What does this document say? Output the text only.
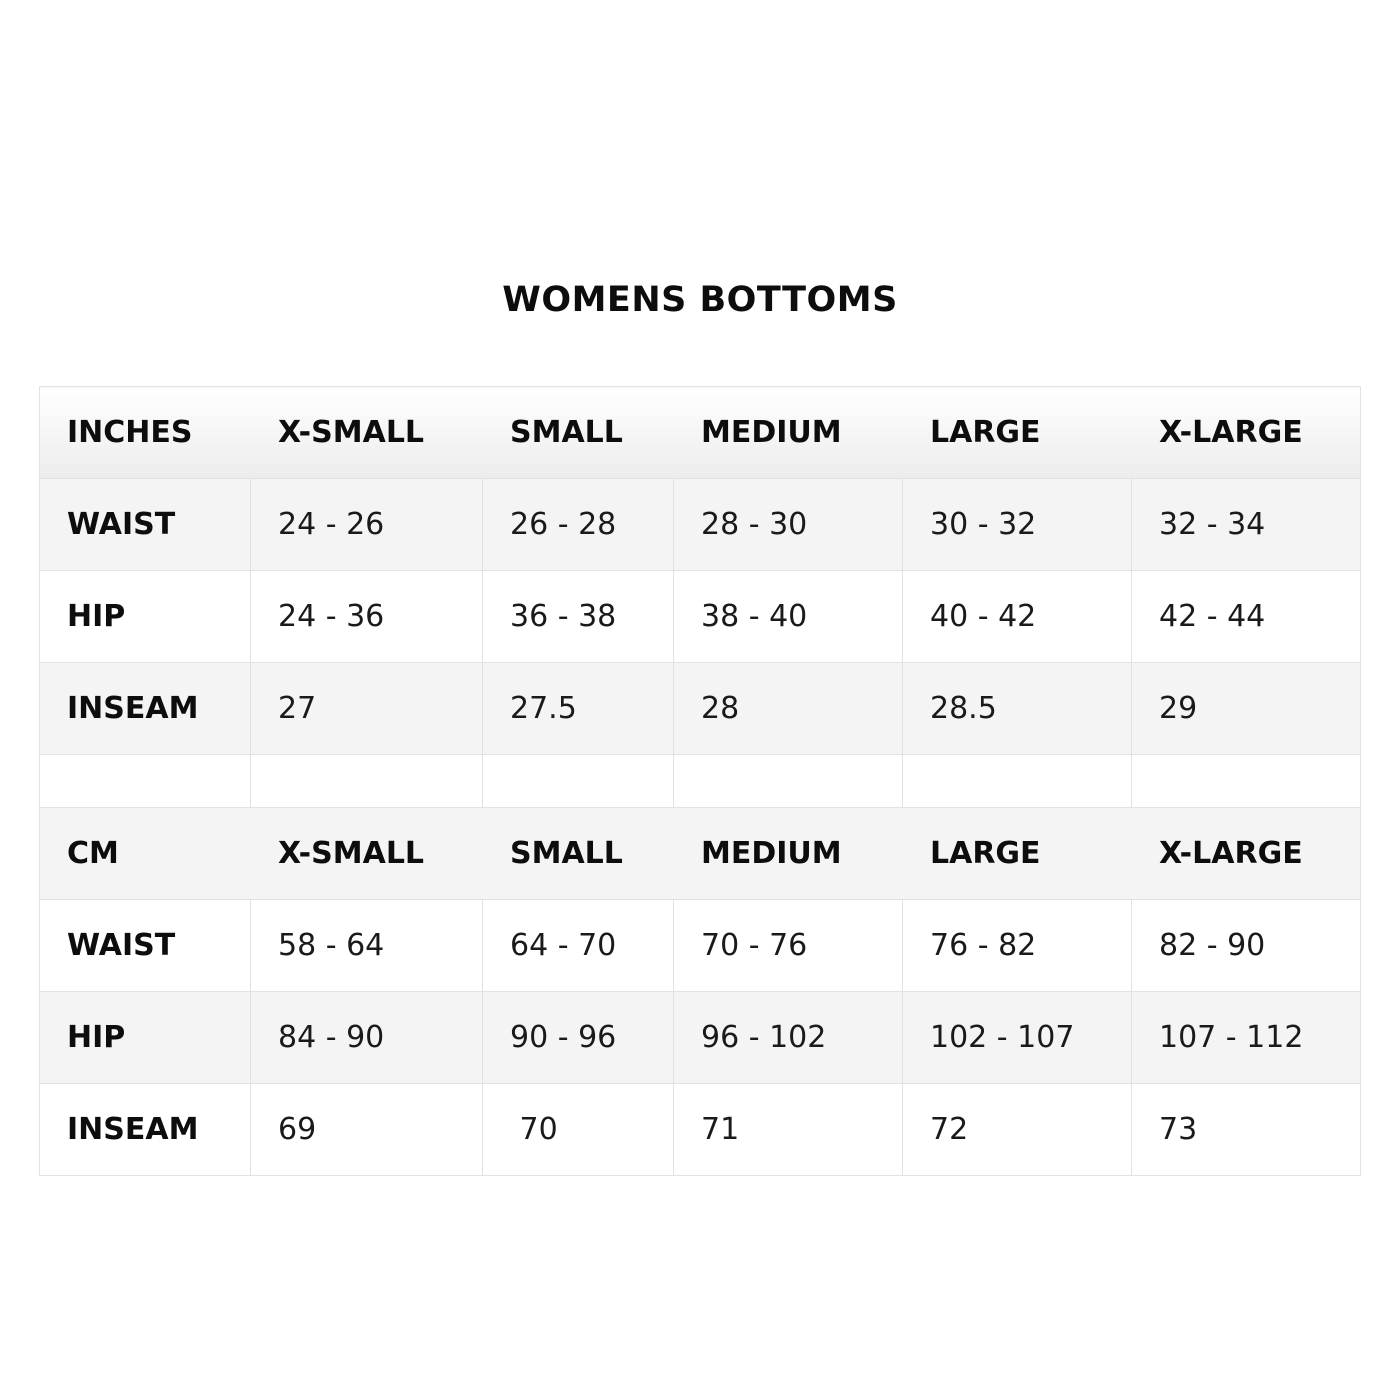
WOMENS BOTTOMS
INCHES	X-SMALL	SMALL	MEDIUM	LARGE	X-LARGE
WAIST	24 - 26	26 - 28	28 - 30	30 - 32	32 - 34
HIP	24 - 36	36 - 38	38 - 40	40 - 42	42 - 44
INSEAM	27	27.5	28	28.5	29

CM	X-SMALL	SMALL	MEDIUM	LARGE	X-LARGE
WAIST	58 - 64	64 - 70	70 - 76	76 - 82	82 - 90
HIP	84 - 90	90 - 96	96 - 102	102 - 107	107 - 112
INSEAM	69	70	71	72	73
